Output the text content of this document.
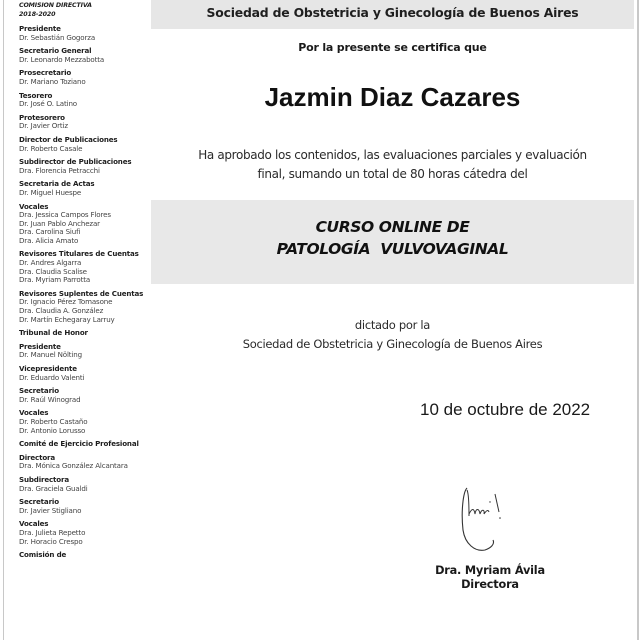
COMISION DIRECTIVA
2018-2020
Presidente
Dr. Sebastián Gogorza
Secretario General
Dr. Leonardo Mezzabotta
Prosecretario
Dr. Mariano Toziano
Tesorero
Dr. José O. Latino
Protesorero
Dr. Javier Ortiz
Director de Publicaciones
Dr. Roberto Casale
Subdirector de Publicaciones
Dra. Florencia Petracchi
Secretaria de Actas
Dr. Miguel Huespe
Vocales
Dra. Jessica Campos Flores
Dr. Juan Pablo Anchezar
Dra. Carolina Siufi
Dra. Alicia Amato
Revisores Titulares de Cuentas
Dr. Andres Algarra
Dra. Claudia Scalise
Dra. Myriam Parrotta
Revisores Suplentes de Cuentas
Dr. Ignacio Pérez Tomasone
Dra. Claudia A. González
Dr. Martín Echegaray Larruy
Tribunal de Honor
Presidente
Dr. Manuel Nölting
Vicepresidente
Dr. Eduardo Valenti
Secretario
Dr. Raúl Winograd
Vocales
Dr. Roberto Castaño
Dr. Antonio Lorusso
Comité de Ejercicio Profesional
Directora
Dra. Mónica González Alcantara
Subdirectora
Dra. Graciela Gualdi
Secretario
Dr. Javier Stigliano
Vocales
Dra. Julieta Repetto
Dr. Horacio Crespo
Comisión de
Sociedad de Obstetricia y Ginecología de Buenos Aires
Por la presente se certifica que
Jazmin Diaz Cazares
Ha aprobado los contenidos, las evaluaciones parciales y evaluación
final, sumando un total de 80 horas cátedra del
CURSO ONLINE DE
PATOLOGÍA  VULVOVAGINAL
dictado por la
Sociedad de Obstetricia y Ginecología de Buenos Aires
10 de octubre de 2022
Dra. Myriam Ávila
Directora
